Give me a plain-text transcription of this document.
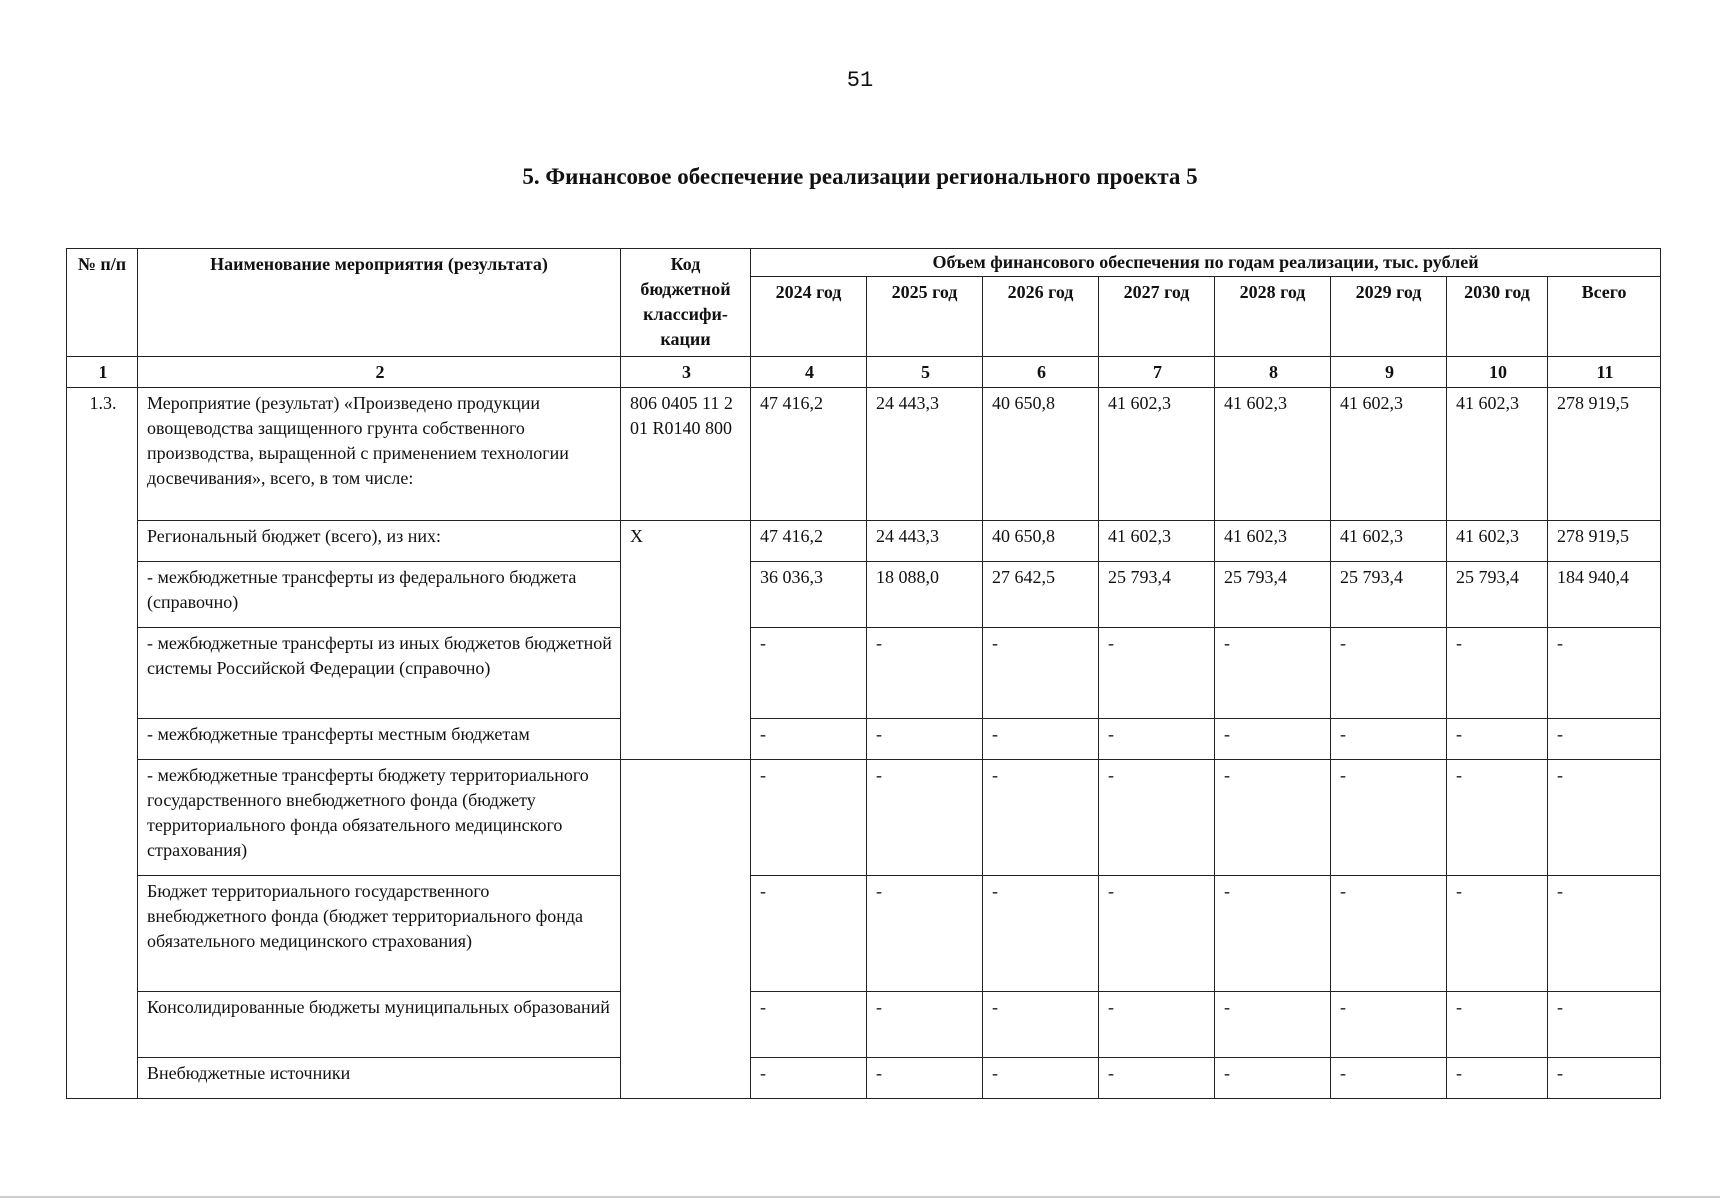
51
5. Финансовое обеспечение реализации регионального проекта 5
№ п/п	Наименование мероприятия (результата)	Код бюджетной классифи-кации	Объем финансового обеспечения по годам реализации, тыс. рублей							
			2024 год	2025 год	2026 год	2027 год	2028 год	2029 год	2030 год	Всего
1	2	3	4	5	6	7	8	9	10	11
1.3.	Мероприятие (результат) «Произведено продукции овощеводства защищенного грунта собственного производства, выращенной с применением технологии досвечивания», всего, в том числе:	806 0405 11 2 01 R0140 800	47 416,2	24 443,3	40 650,8	41 602,3	41 602,3	41 602,3	41 602,3	278 919,5
	Региональный бюджет (всего), из них:	Х	47 416,2	24 443,3	40 650,8	41 602,3	41 602,3	41 602,3	41 602,3	278 919,5
	- межбюджетные трансферты из федерального бюджета (справочно)		36 036,3	18 088,0	27 642,5	25 793,4	25 793,4	25 793,4	25 793,4	184 940,4
	- межбюджетные трансферты из иных бюджетов бюджетной системы Российской Федерации (справочно)		-	-	-	-	-	-	-	-
	- межбюджетные трансферты местным бюджетам		-	-	-	-	-	-	-	-
	- межбюджетные трансферты бюджету территориального государственного внебюджетного фонда (бюджету территориального фонда обязательного медицинского страхования)		-	-	-	-	-	-	-	-
	Бюджет территориального государственного внебюджетного фонда (бюджет территориального фонда обязательного медицинского страхования)		-	-	-	-	-	-	-	-
	Консолидированные бюджеты муниципальных образований		-	-	-	-	-	-	-	-
	Внебюджетные источники		-	-	-	-	-	-	-	-
